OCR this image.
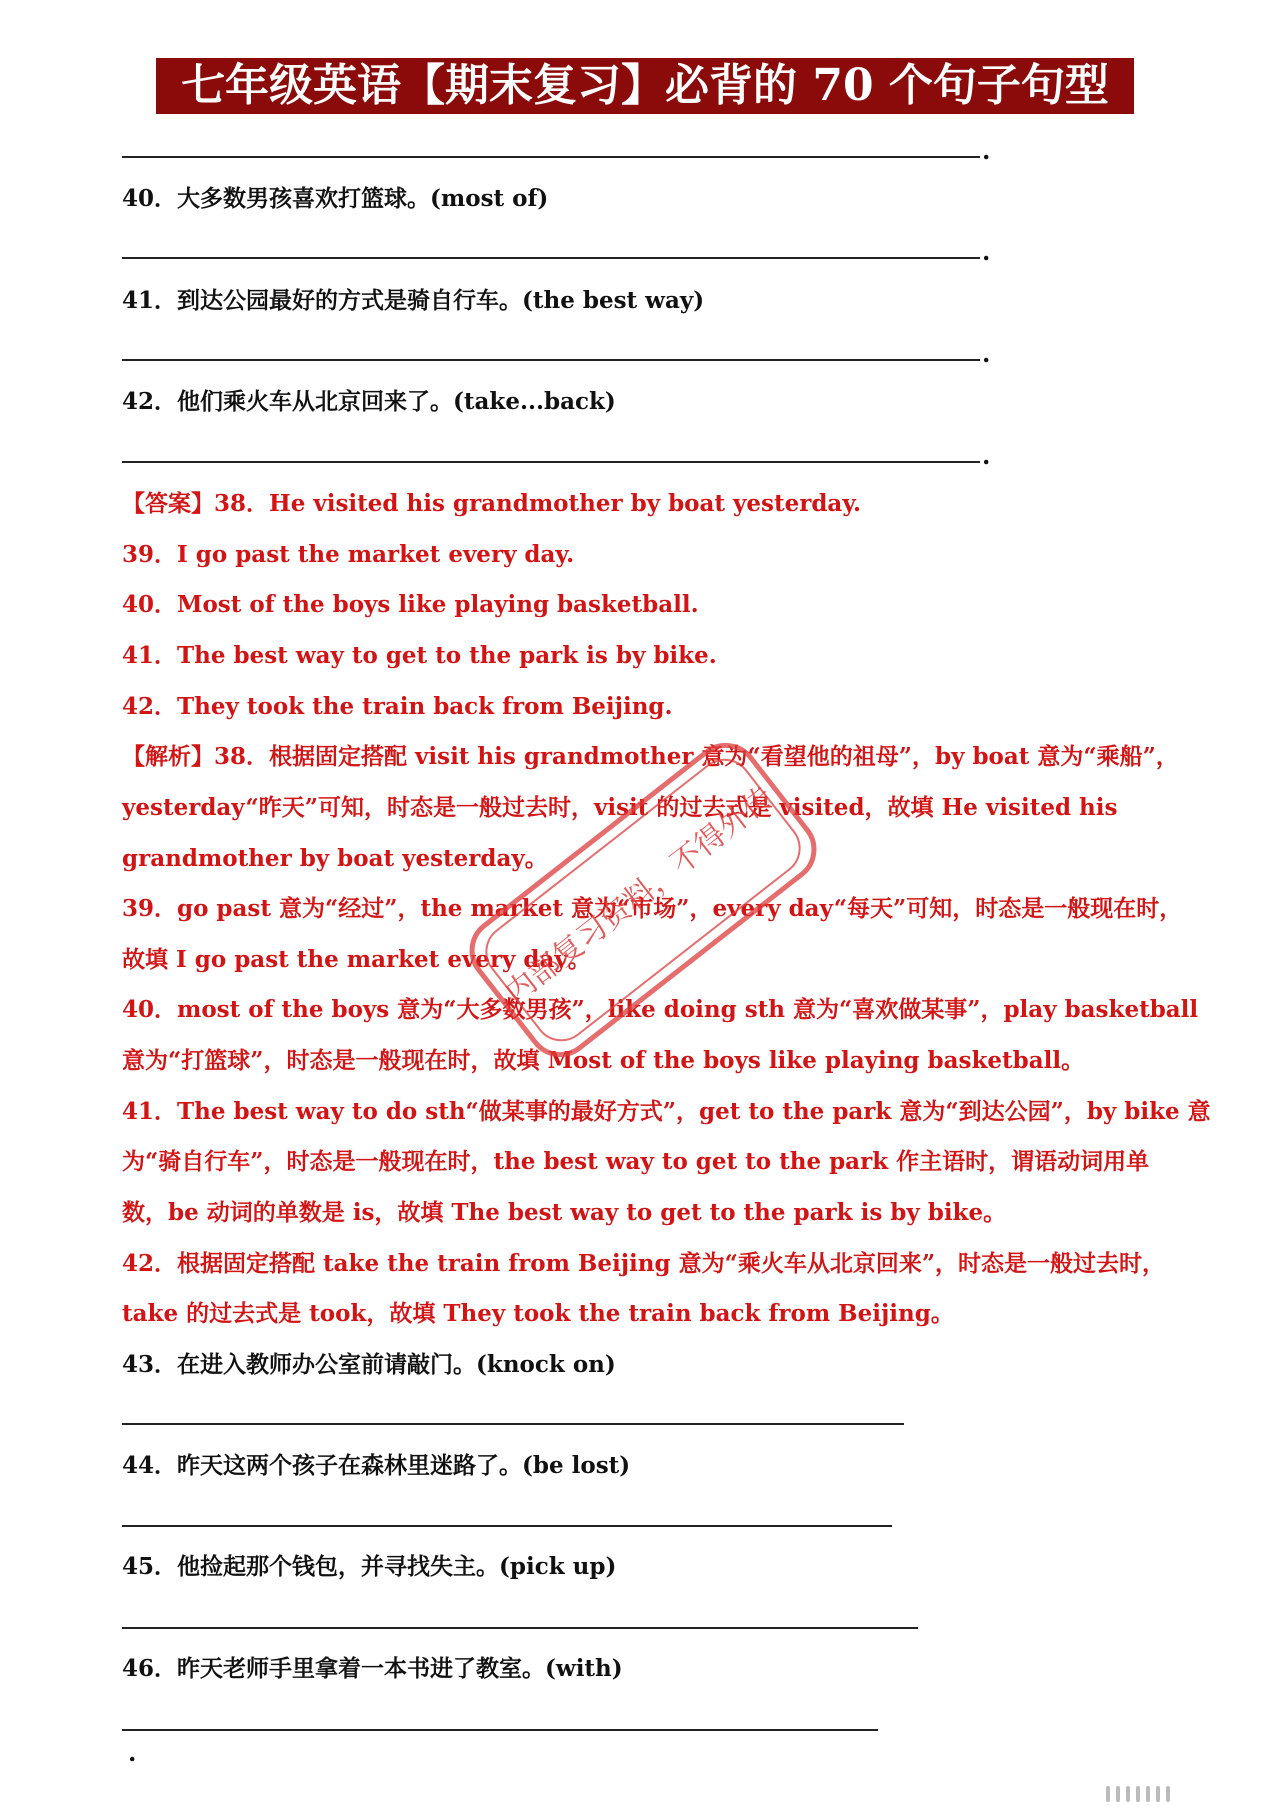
七年级英语【期末复习】必背的 70 个句子句型
.
40．大多数男孩喜欢打篮球。(most of)
.
41．到达公园最好的方式是骑自行车。(the best way)
.
42．他们乘火车从北京回来了。(take...back)
.
【答案】38．He visited his grandmother by boat yesterday.
39．I go past the market every day.
40．Most of the boys like playing basketball.
41．The best way to get to the park is by bike.
42．They took the train back from Beijing.
【解析】38．根据固定搭配 visit his grandmother 意为“看望他的祖母”，by boat 意为“乘船”，
yesterday“昨天”可知，时态是一般过去时，visit 的过去式是 visited，故填 He visited his
grandmother by boat yesterday。
39．go past 意为“经过”，the market 意为“市场”，every day“每天”可知，时态是一般现在时，
故填 I go past the market every day。
40．most of the boys 意为“大多数男孩”，like doing sth 意为“喜欢做某事”，play basketball
意为“打篮球”，时态是一般现在时，故填 Most of the boys like playing basketball。
41．The best way to do sth“做某事的最好方式”，get to the park 意为“到达公园”，by bike 意
为“骑自行车”，时态是一般现在时，the best way to get to the park 作主语时，谓语动词用单
数，be 动词的单数是 is，故填 The best way to get to the park is by bike。
42．根据固定搭配 take the train from Beijing 意为“乘火车从北京回来”，时态是一般过去时，
take 的过去式是 took，故填 They took the train back from Beijing。
43．在进入教师办公室前请敲门。(knock on)
44．昨天这两个孩子在森林里迷路了。(be lost)
45．他捡起那个钱包，并寻找失主。(pick up)
46．昨天老师手里拿着一本书进了教室。(with)
.
内部复习资料，不得外传
